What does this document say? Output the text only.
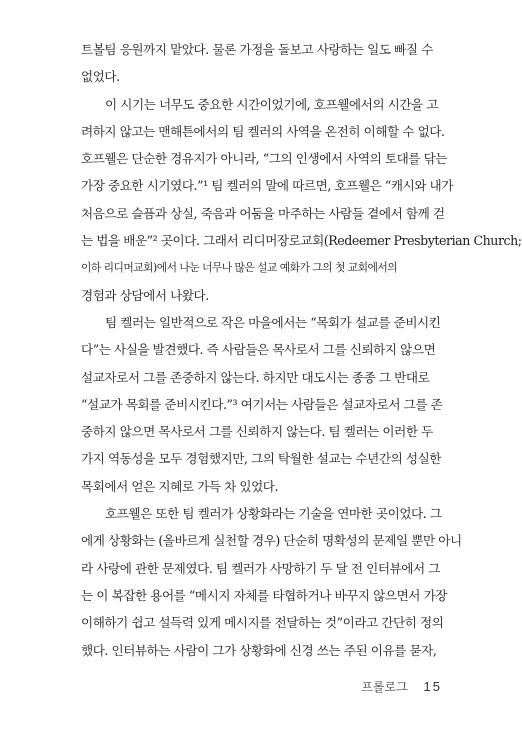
트볼팀 응원까지 맡았다. 물론 가정을 돌보고 사랑하는 일도 빠질 수
없었다.
이 시기는 너무도 중요한 시간이었기에, 호프웰에서의 시간을 고
려하지 않고는 맨해튼에서의 팀 켈러의 사역을 온전히 이해할 수 없다.
호프웰은 단순한 경유지가 아니라, “그의 인생에서 사역의 토대를 닦는
가장 중요한 시기였다.”¹ 팀 켈러의 말에 따르면, 호프웰은 “캐시와 내가
처음으로 슬픔과 상실, 죽음과 어둠을 마주하는 사람들 곁에서 함께 걷
는 법을 배운”² 곳이다. 그래서 리디머장로교회(Redeemer Presbyterian Church;
이하 리디머교회)에서 나눈 너무나 많은 설교 예화가 그의 첫 교회에서의
경험과 상담에서 나왔다.
팀 켈러는 일반적으로 작은 마을에서는 “목회가 설교를 준비시킨
다”는 사실을 발견했다. 즉 사람들은 목사로서 그를 신뢰하지 않으면
설교자로서 그를 존중하지 않는다. 하지만 대도시는 종종 그 반대로
“설교가 목회를 준비시킨다.”³ 여기서는 사람들은 설교자로서 그를 존
중하지 않으면 목사로서 그를 신뢰하지 않는다. 팀 켈러는 이러한 두
가지 역동성을 모두 경험했지만, 그의 탁월한 설교는 수년간의 성실한
목회에서 얻은 지혜로 가득 차 있었다.
호프웰은 또한 팀 켈러가 상황화라는 기술을 연마한 곳이었다. 그
에게 상황화는 (올바르게 실천할 경우) 단순히 명확성의 문제일 뿐만 아니
라 사랑에 관한 문제였다. 팀 켈러가 사망하기 두 달 전 인터뷰에서 그
는 이 복잡한 용어를 “메시지 자체를 타협하거나 바꾸지 않으면서 가장
이해하기 쉽고 설득력 있게 메시지를 전달하는 것”이라고 간단히 정의
했다. 인터뷰하는 사람이 그가 상황화에 신경 쓰는 주된 이유를 묻자,
프롤로그 15
